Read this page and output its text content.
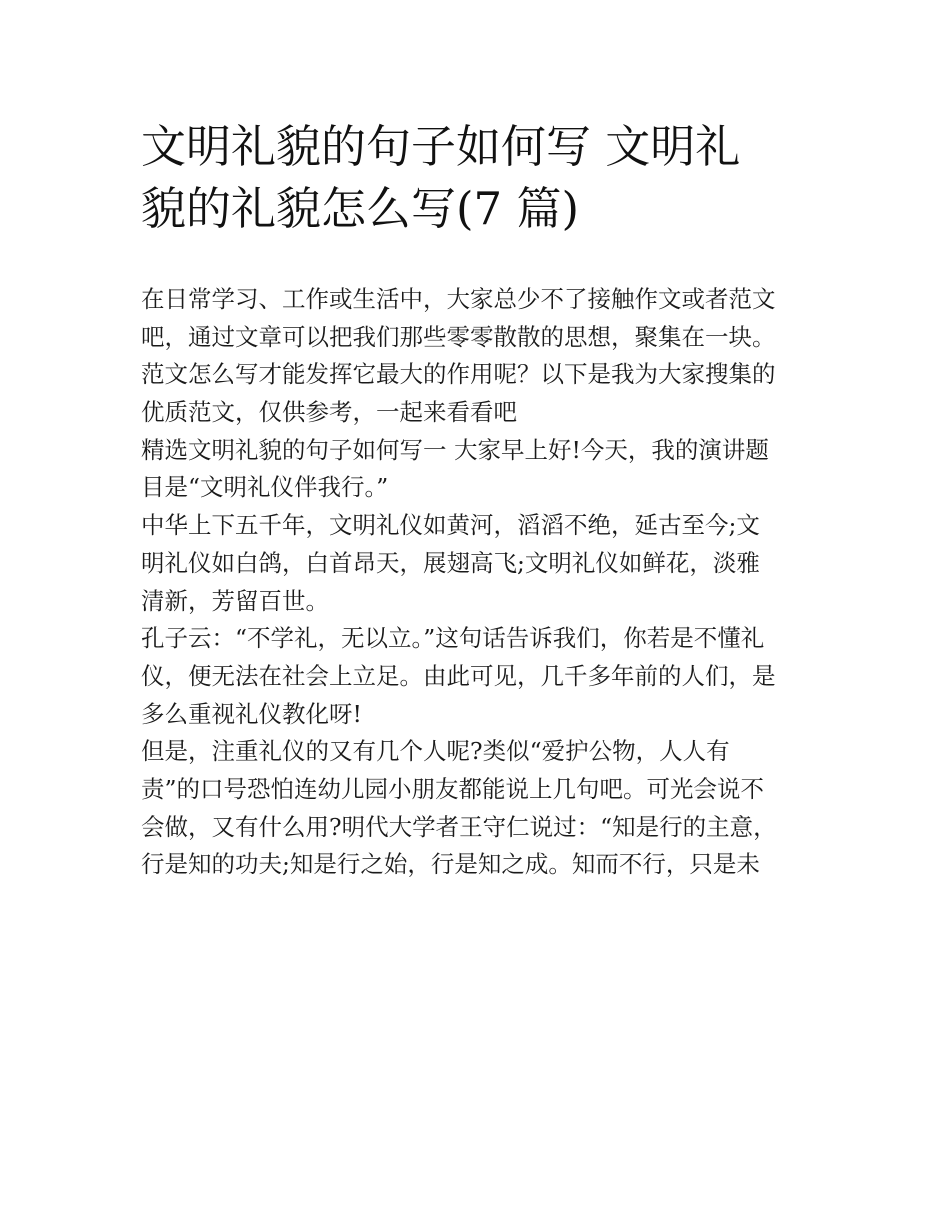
文明礼貌的句子如何写 文明礼
貌的礼貌怎么写(7 篇)
在日常学习、工作或生活中，大家总少不了接触作文或者范文
吧，通过文章可以把我们那些零零散散的思想，聚集在一块。
范文怎么写才能发挥它最大的作用呢？以下是我为大家搜集的
优质范文，仅供参考，一起来看看吧
精选文明礼貌的句子如何写一 大家早上好!今天，我的演讲题
目是“文明礼仪伴我行。”
中华上下五千年，文明礼仪如黄河，滔滔不绝，延古至今;文
明礼仪如白鸽，白首昂天，展翅高飞;文明礼仪如鲜花，淡雅
清新，芳留百世。
孔子云：“不学礼，无以立。”这句话告诉我们，你若是不懂礼
仪，便无法在社会上立足。由此可见，几千多年前的人们，是
多么重视礼仪教化呀!
但是，注重礼仪的又有几个人呢?类似“爱护公物，人人有
责”的口号恐怕连幼儿园小朋友都能说上几句吧。可光会说不
会做，又有什么用?明代大学者王守仁说过：“知是行的主意，
行是知的功夫;知是行之始，行是知之成。知而不行，只是未
